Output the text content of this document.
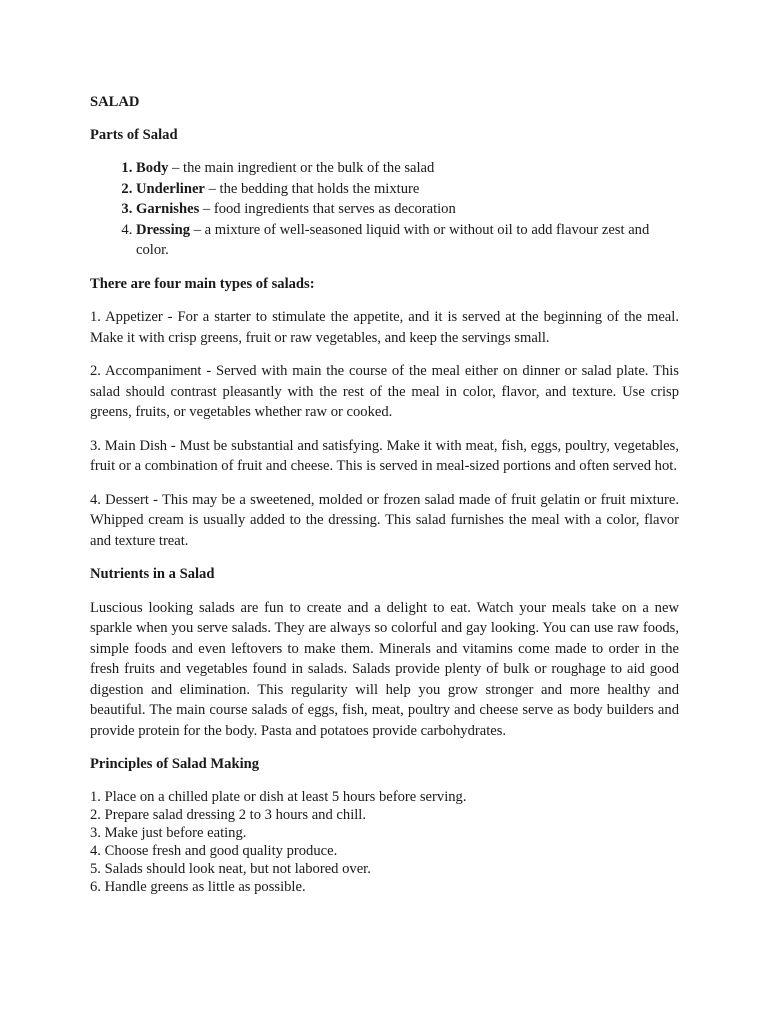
SALAD

Parts of Salad

1. Body – the main ingredient or the bulk of the salad
2. Underliner – the bedding that holds the mixture
3. Garnishes – food ingredients that serves as decoration
4. Dressing – a mixture of well-seasoned liquid with or without oil to add flavour zest and color.

There are four main types of salads:

1. Appetizer - For a starter to stimulate the appetite, and it is served at the beginning of the meal. Make it with crisp greens, fruit or raw vegetables, and keep the servings small.

2. Accompaniment - Served with main the course of the meal either on dinner or salad plate. This salad should contrast pleasantly with the rest of the meal in color, flavor, and texture. Use crisp greens, fruits, or vegetables whether raw or cooked.

3. Main Dish - Must be substantial and satisfying. Make it with meat, fish, eggs, poultry, vegetables, fruit or a combination of fruit and cheese. This is served in meal-sized portions and often served hot.

4. Dessert - This may be a sweetened, molded or frozen salad made of fruit gelatin or fruit mixture. Whipped cream is usually added to the dressing. This salad furnishes the meal with a color, flavor and texture treat.

Nutrients in a Salad

Luscious looking salads are fun to create and a delight to eat. Watch your meals take on a new sparkle when you serve salads. They are always so colorful and gay looking. You can use raw foods, simple foods and even leftovers to make them. Minerals and vitamins come made to order in the fresh fruits and vegetables found in salads. Salads provide plenty of bulk or roughage to aid good digestion and elimination. This regularity will help you grow stronger and more healthy and beautiful. The main course salads of eggs, fish, meat, poultry and cheese serve as body builders and provide protein for the body. Pasta and potatoes provide carbohydrates.

Principles of Salad Making

1. Place on a chilled plate or dish at least 5 hours before serving.
2. Prepare salad dressing 2 to 3 hours and chill.
3. Make just before eating.
4. Choose fresh and good quality produce.
5. Salads should look neat, but not labored over.
6. Handle greens as little as possible.
